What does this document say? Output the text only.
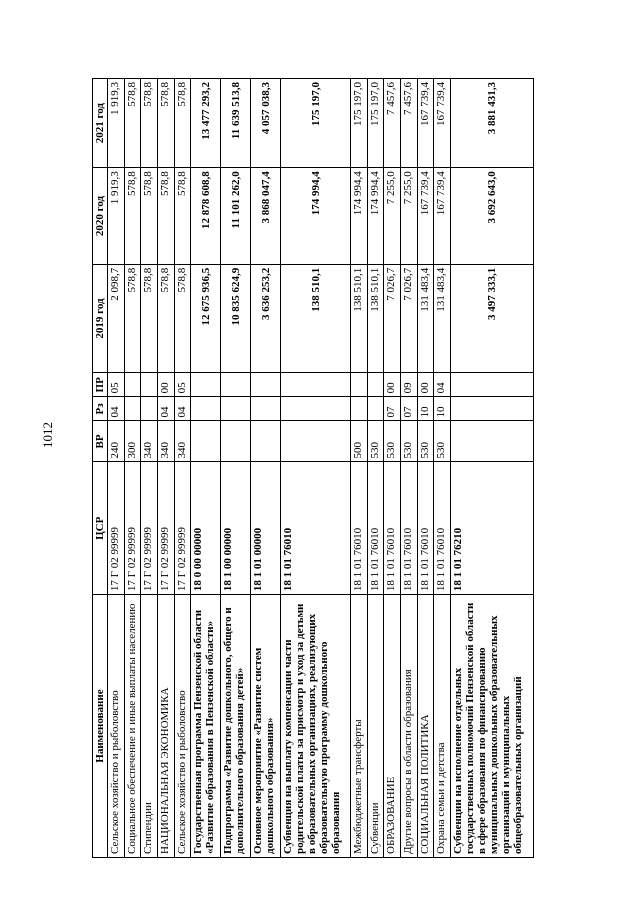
1012
Наименование	ЦСР	ВР	Рз	ПР	2019 год	2020 год	2021 год
Сельское хозяйство и рыболовство	17 Г 02 99999	240	04	05	2 098,7	1 919,3	1 919,3
Социальное обеспечение и иные выплаты населению	17 Г 02 99999	300			578,8	578,8	578,8
Стипендии	17 Г 02 99999	340			578,8	578,8	578,8
НАЦИОНАЛЬНАЯ ЭКОНОМИКА	17 Г 02 99999	340	04	00	578,8	578,8	578,8
Сельское хозяйство и рыболовство	17 Г 02 99999	340	04	05	578,8	578,8	578,8
Государственная программа Пензенской области «Развитие образования в Пензенской области»	18 0 00 00000				12 675 936,5	12 878 608,8	13 477 293,2
Подпрограмма «Развитие дошкольного, общего и дополнительного образования детей»	18 1 00 00000				10 835 624,9	11 101 262,0	11 639 513,8
Основное мероприятие «Развитие систем дошкольного образования»	18 1 01 00000				3 636 253,2	3 868 047,4	4 057 038,3
Субвенция на выплату компенсации части родительской платы за присмотр и уход за детьми в образовательных организациях, реализующих образовательную программу дошкольного образования	18 1 01 76010				138 510,1	174 994,4	175 197,0
Межбюджетные трансферты	18 1 01 76010	500			138 510,1	174 994,4	175 197,0
Субвенции	18 1 01 76010	530			138 510,1	174 994,4	175 197,0
ОБРАЗОВАНИЕ	18 1 01 76010	530	07	00	7 026,7	7 255,0	7 457,6
Другие вопросы в области образования	18 1 01 76010	530	07	09	7 026,7	7 255,0	7 457,6
СОЦИАЛЬНАЯ ПОЛИТИКА	18 1 01 76010	530	10	00	131 483,4	167 739,4	167 739,4
Охрана семьи и детства	18 1 01 76010	530	10	04	131 483,4	167 739,4	167 739,4
Субвенции на исполнение отдельных государственных полномочий Пензенской области в сфере образования по финансированию муниципальных дошкольных образовательных организаций и муниципальных общеобразовательных организаций	18 1 01 76210				3 497 333,1	3 692 643,0	3 881 431,3
